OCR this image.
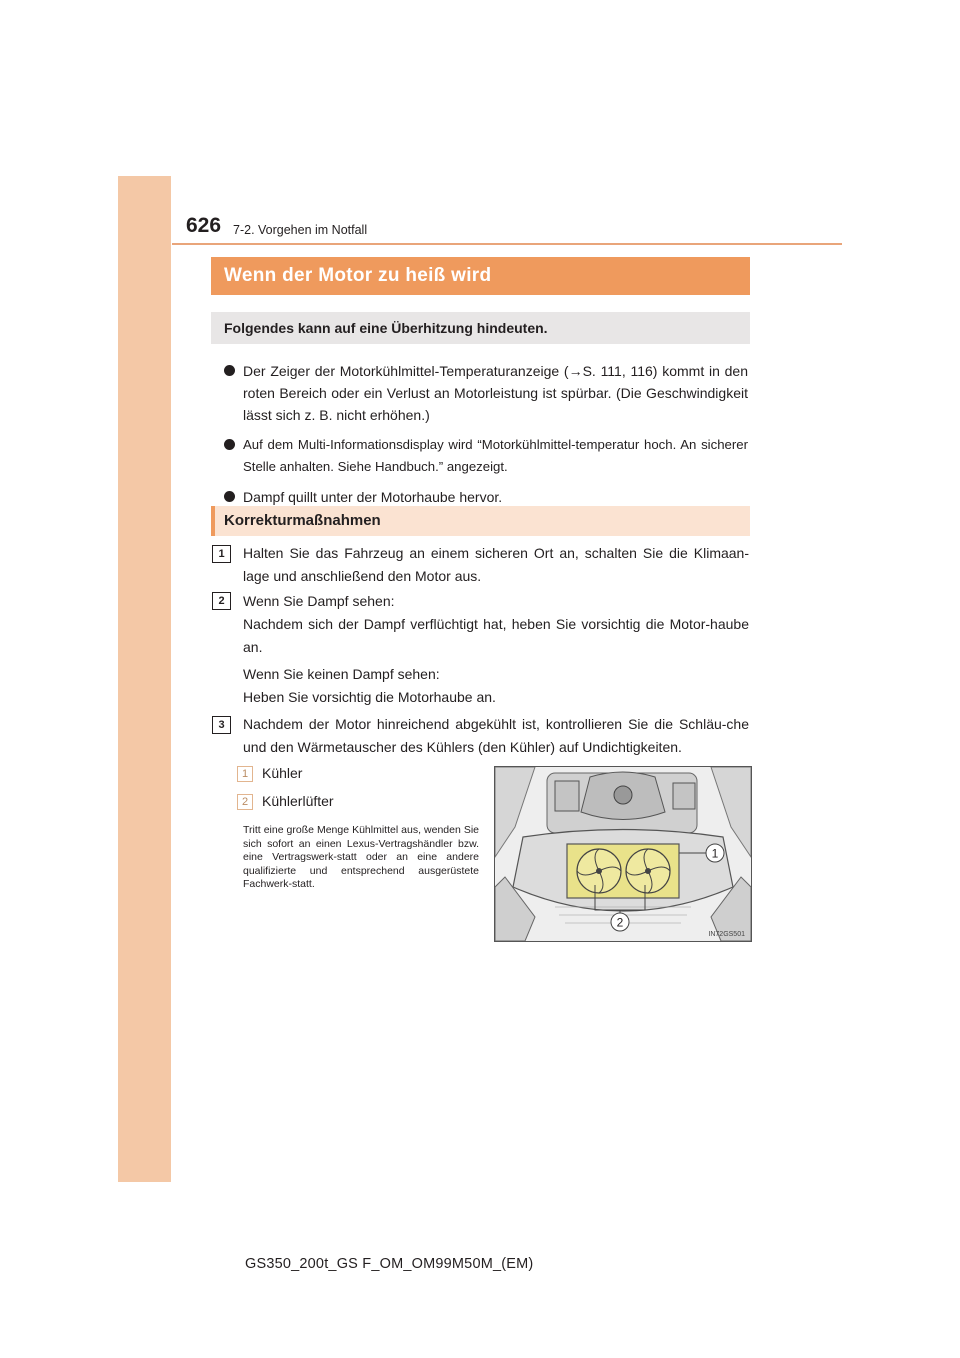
626 7-2. Vorgehen im Notfall
Wenn der Motor zu heiß wird
Folgendes kann auf eine Überhitzung hindeuten.
Der Zeiger der Motorkühlmittel-Temperaturanzeige (→S. 111, 116) kommt in den roten Bereich oder ein Verlust an Motorleistung ist spürbar. (Die Geschwindigkeit lässt sich z. B. nicht erhöhen.)
Auf dem Multi-Informationsdisplay wird “Motorkühlmittel-temperatur hoch. An sicherer Stelle anhalten. Siehe Handbuch.” angezeigt.
Dampf quillt unter der Motorhaube hervor.
Korrekturmaßnahmen
1	Halten Sie das Fahrzeug an einem sicheren Ort an, schalten Sie die Klimaan-lage und anschließend den Motor aus.
2	Wenn Sie Dampf sehen:
Nachdem sich der Dampf verflüchtigt hat, heben Sie vorsichtig die Motor-haube an.
Wenn Sie keinen Dampf sehen:
Heben Sie vorsichtig die Motorhaube an.
3	Nachdem der Motor hinreichend abgekühlt ist, kontrollieren Sie die Schläu-che und den Wärmetauscher des Kühlers (den Kühler) auf Undichtigkeiten.
1 Kühler
2 Kühlerlüfter
Tritt eine große Menge Kühlmittel aus, wenden Sie sich sofort an einen Lexus-Vertragshändler bzw. eine Vertragswerk-statt oder an eine andere qualifizierte und entsprechend ausgerüstete Fachwerk-statt.
1
2
IN72GS501
GS350_200t_GS F_OM_OM99M50M_(EM)
